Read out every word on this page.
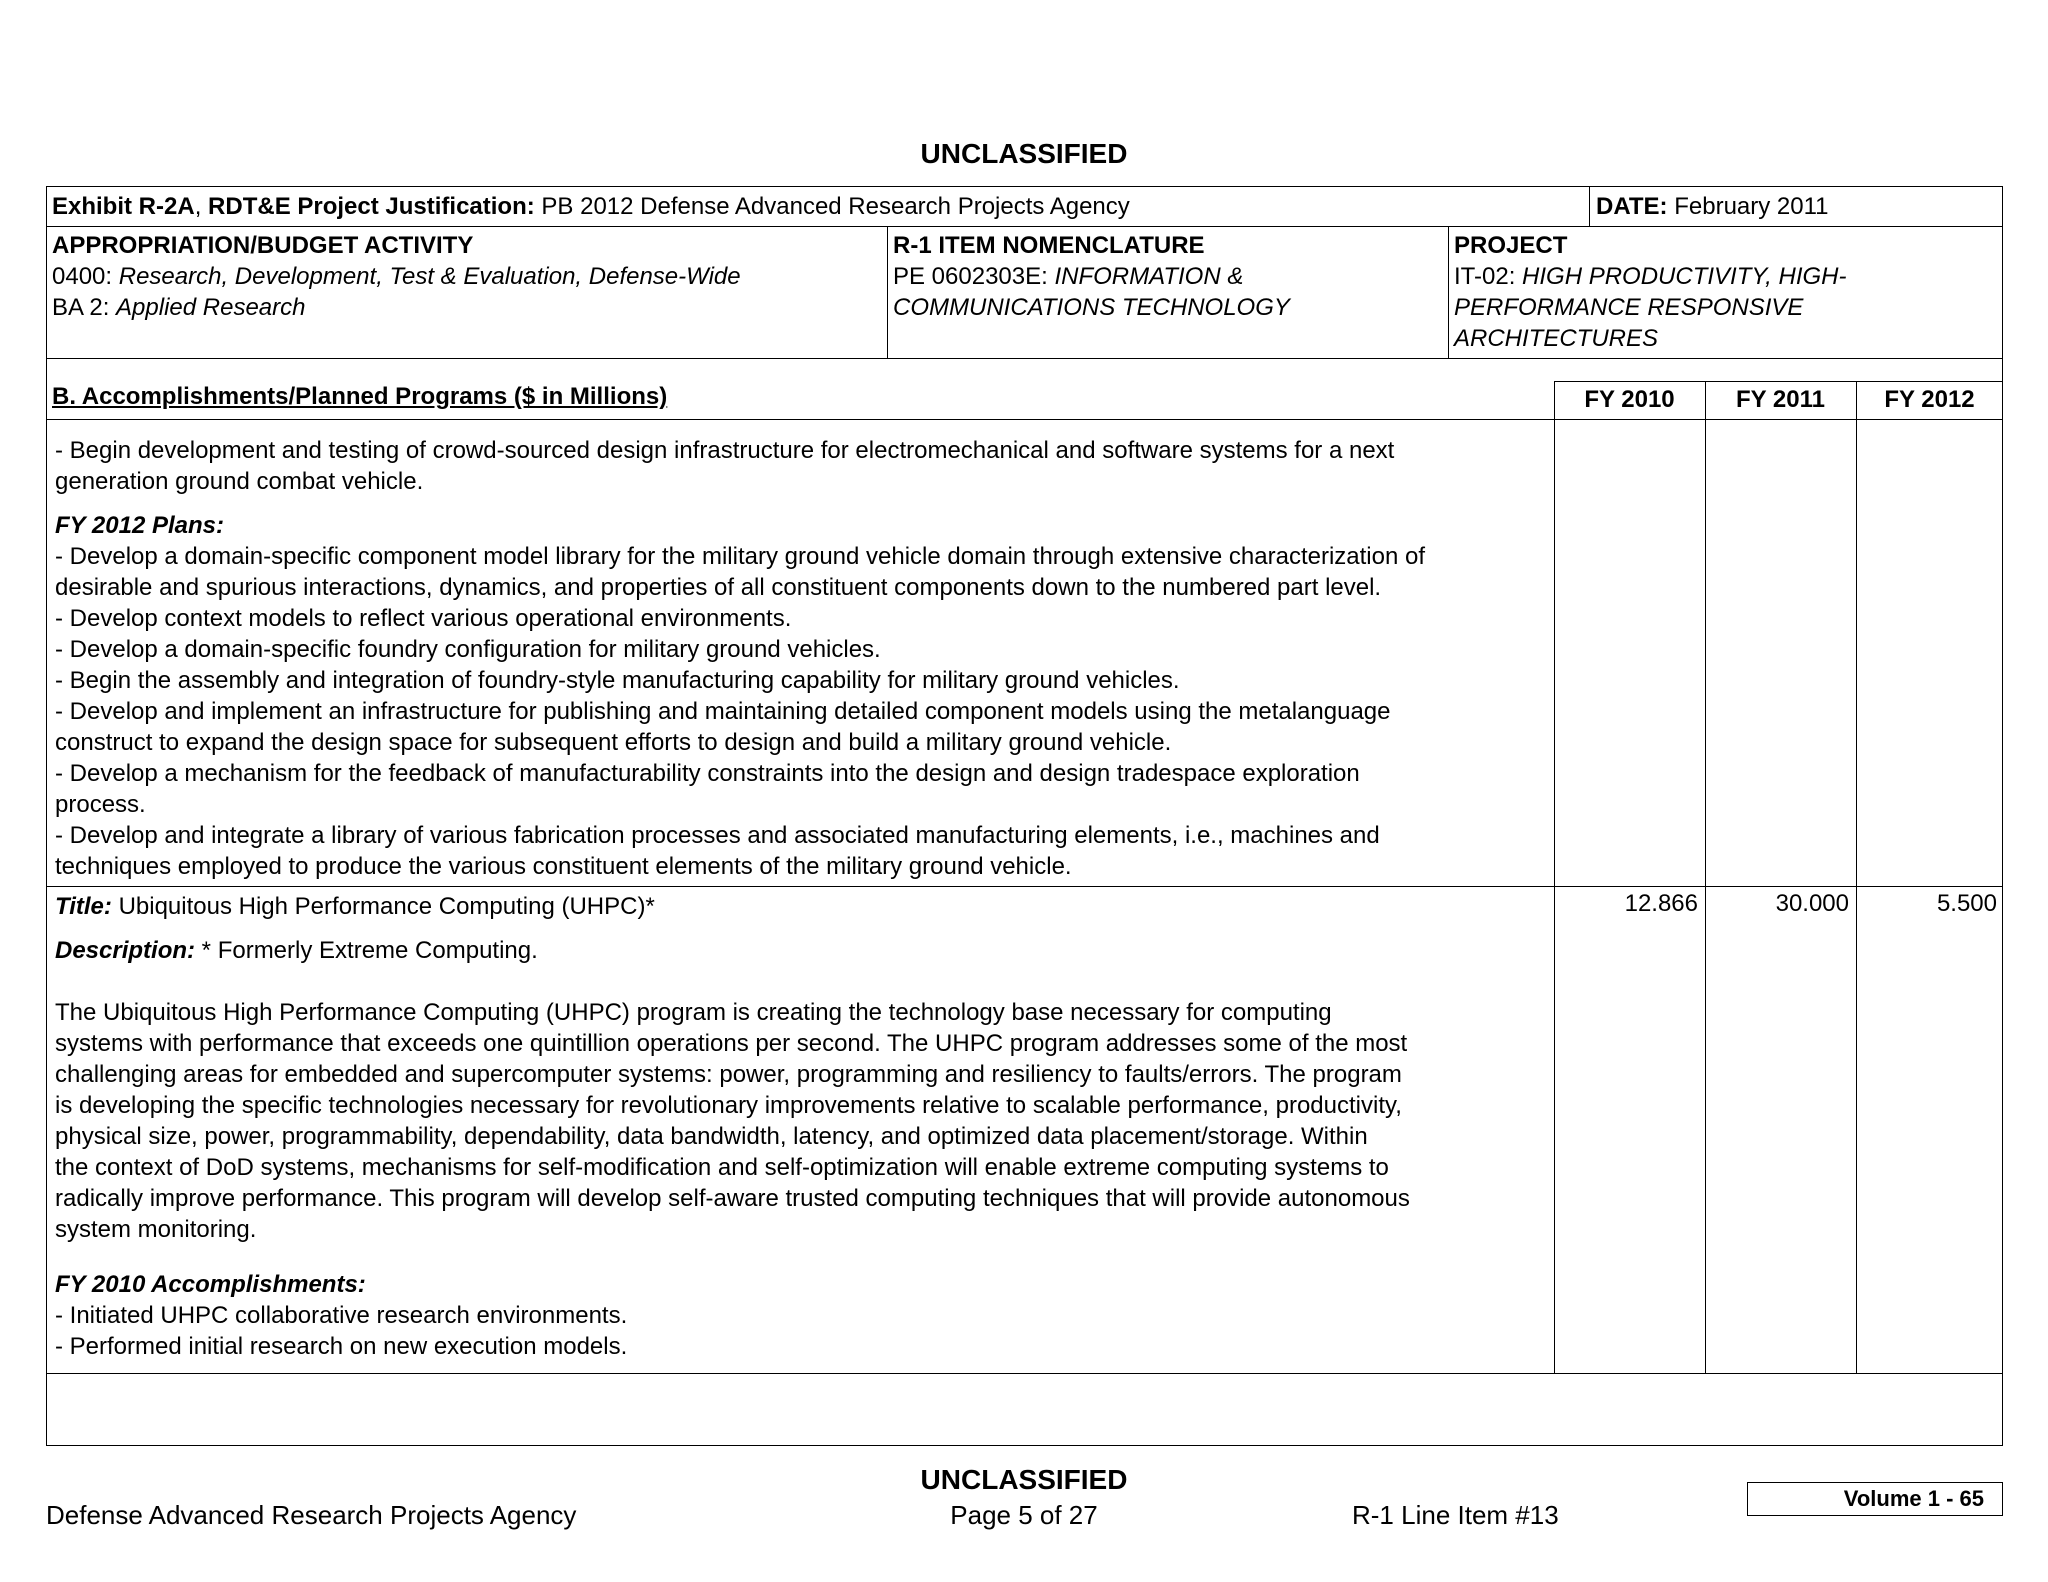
UNCLASSIFIED
Exhibit R-2A, RDT&E Project Justification: PB 2012 Defense Advanced Research Projects Agency	DATE: February 2011
APPROPRIATION/BUDGET ACTIVITY
0400: Research, Development, Test & Evaluation, Defense-Wide
BA 2: Applied Research
R-1 ITEM NOMENCLATURE
PE 0602303E: INFORMATION &
COMMUNICATIONS TECHNOLOGY
PROJECT
IT-02: HIGH PRODUCTIVITY, HIGH-
PERFORMANCE RESPONSIVE
ARCHITECTURES
B. Accomplishments/Planned Programs ($ in Millions)	FY 2010	FY 2011	FY 2012
- Begin development and testing of crowd-sourced design infrastructure for electromechanical and software systems for a next
generation ground combat vehicle.
FY 2012 Plans:
- Develop a domain-specific component model library for the military ground vehicle domain through extensive characterization of
desirable and spurious interactions, dynamics, and properties of all constituent components down to the numbered part level.
- Develop context models to reflect various operational environments.
- Develop a domain-specific foundry configuration for military ground vehicles.
- Begin the assembly and integration of foundry-style manufacturing capability for military ground vehicles.
- Develop and implement an infrastructure for publishing and maintaining detailed component models using the metalanguage
construct to expand the design space for subsequent efforts to design and build a military ground vehicle.
- Develop a mechanism for the feedback of manufacturability constraints into the design and design tradespace exploration
process.
- Develop and integrate a library of various fabrication processes and associated manufacturing elements, i.e., machines and
techniques employed to produce the various constituent elements of the military ground vehicle.
Title: Ubiquitous High Performance Computing (UHPC)*
Description: * Formerly Extreme Computing.
The Ubiquitous High Performance Computing (UHPC) program is creating the technology base necessary for computing
systems with performance that exceeds one quintillion operations per second. The UHPC program addresses some of the most
challenging areas for embedded and supercomputer systems: power, programming and resiliency to faults/errors. The program
is developing the specific technologies necessary for revolutionary improvements relative to scalable performance, productivity,
physical size, power, programmability, dependability, data bandwidth, latency, and optimized data placement/storage. Within
the context of DoD systems, mechanisms for self-modification and self-optimization will enable extreme computing systems to
radically improve performance. This program will develop self-aware trusted computing techniques that will provide autonomous
system monitoring.
FY 2010 Accomplishments:
- Initiated UHPC collaborative research environments.
- Performed initial research on new execution models.
12.866	30.000	5.500
UNCLASSIFIED
Defense Advanced Research Projects Agency	Page 5 of 27	R-1 Line Item #13
Volume 1 - 65
